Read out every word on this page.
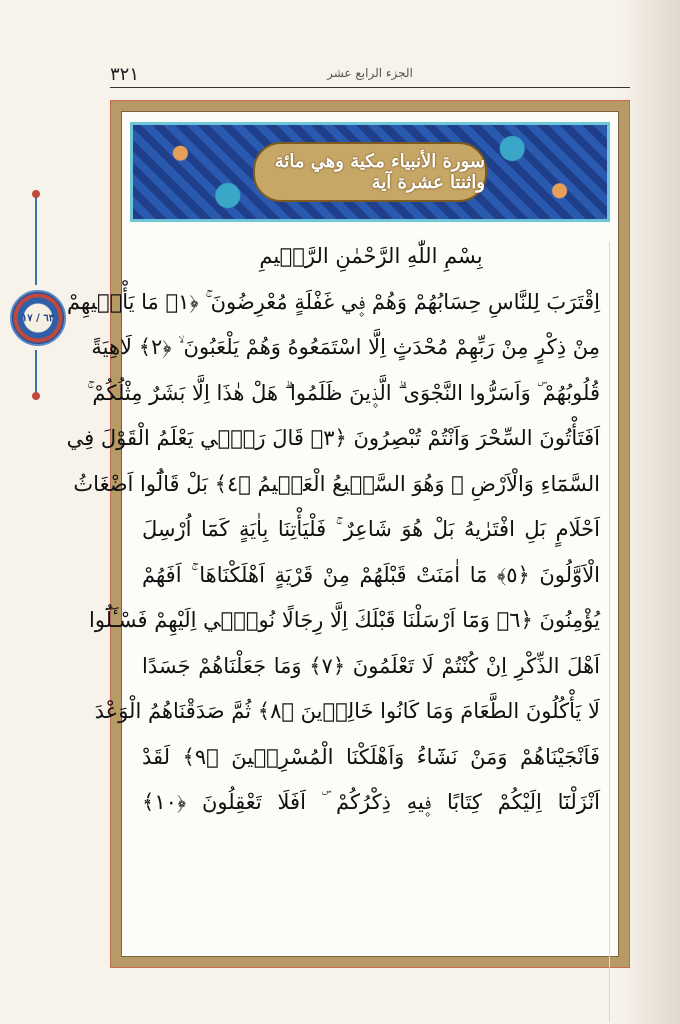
٣٢١	الجزء الرابع عشر
٦٣ / ١٧
سورة الأنبياء مكية وهي مائة واثنتا عشرة آية
بِسْمِ اللّٰهِ الرَّحْمٰنِ الرَّح۪يمِ
اِقْتَرَبَ لِلنَّاسِ حِسَابُهُمْ وَهُمْ ف۪ي غَفْلَةٍ مُعْرِضُونَ ۚ ﴿١﴾ مَا يَأْت۪يهِمْ
مِنْ ذِكْرٍ مِنْ رَبِّهِمْ مُحْدَثٍ اِلَّا اسْتَمَعُوهُ وَهُمْ يَلْعَبُونَ ۙ ﴿٢﴾ لَاهِيَةً
قُلُوبُهُمْ ۜ وَاَسَرُّوا النَّجْوَى ۗ الَّذ۪ينَ ظَلَمُوا ۗ هَلْ هٰذَا اِلَّا بَشَرٌ مِثْلُكُمْ ۚ
اَفَتَأْتُونَ السِّحْرَ وَاَنْتُمْ تُبْصِرُونَ ﴿٣﴾ قَالَ رَبّ۪ي يَعْلَمُ الْقَوْلَ فِي
السَّمَٓاءِ وَالْاَرْضِ ۘ وَهُوَ السَّم۪يعُ الْعَل۪يمُ ﴿٤﴾ بَلْ قَالُٓوا اَضْغَاثُ
اَحْلَامٍ بَلِ افْتَرٰيهُ بَلْ هُوَ شَاعِرٌ ۚ فَلْيَأْتِنَا بِاٰيَةٍ كَمَٓا اُرْسِلَ
الْاَوَّلُونَ ﴿٥﴾ مَٓا اٰمَنَتْ قَبْلَهُمْ مِنْ قَرْيَةٍ اَهْلَكْنَاهَا ۚ اَفَهُمْ
يُؤْمِنُونَ ﴿٦﴾ وَمَٓا اَرْسَلْنَا قَبْلَكَ اِلَّا رِجَالًا نُوح۪ٓي اِلَيْهِمْ فَسْـَٔلُٓوا
اَهْلَ الذِّكْرِ اِنْ كُنْتُمْ لَا تَعْلَمُونَ ﴿٧﴾ وَمَا جَعَلْنَاهُمْ جَسَدًا
لَا يَأْكُلُونَ الطَّعَامَ وَمَا كَانُوا خَالِد۪ينَ ﴿٨﴾ ثُمَّ صَدَقْنَاهُمُ الْوَعْدَ
فَاَنْجَيْنَاهُمْ وَمَنْ نَشَٓاءُ وَاَهْلَكْنَا الْمُسْرِف۪ينَ ﴿٩﴾ لَقَدْ
اَنْزَلْنَٓا اِلَيْكُمْ كِتَابًا ف۪يهِ ذِكْرُكُمْ ۜ اَفَلَا تَعْقِلُونَ ﴿١٠﴾
